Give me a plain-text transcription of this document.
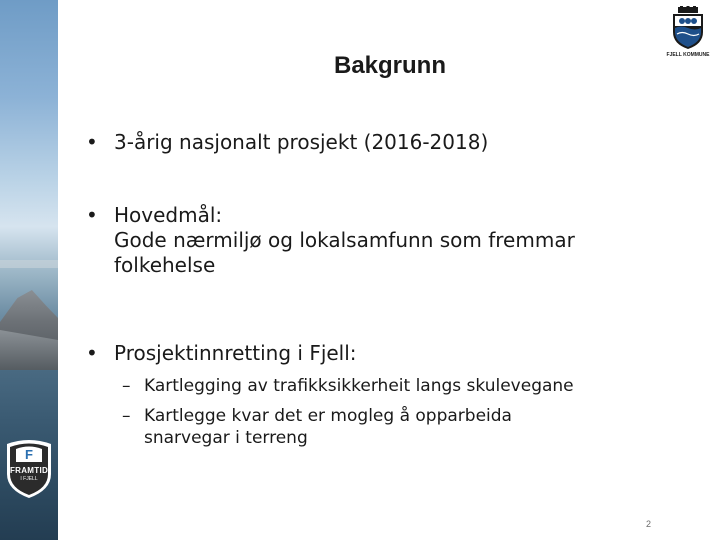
F
FRAMTID
I FJELL
FJELL KOMMUNE
Bakgrunn
• 3-årig nasjonalt prosjekt (2016-2018)
• Hovedmål:
Gode nærmiljø og lokalsamfunn som fremmar
folkehelse
• Prosjektinnretting i Fjell:
– Kartlegging av trafikksikkerheit langs skulevegane
– Kartlegge kvar det er mogleg å opparbeida
snarvegar i terreng
2
